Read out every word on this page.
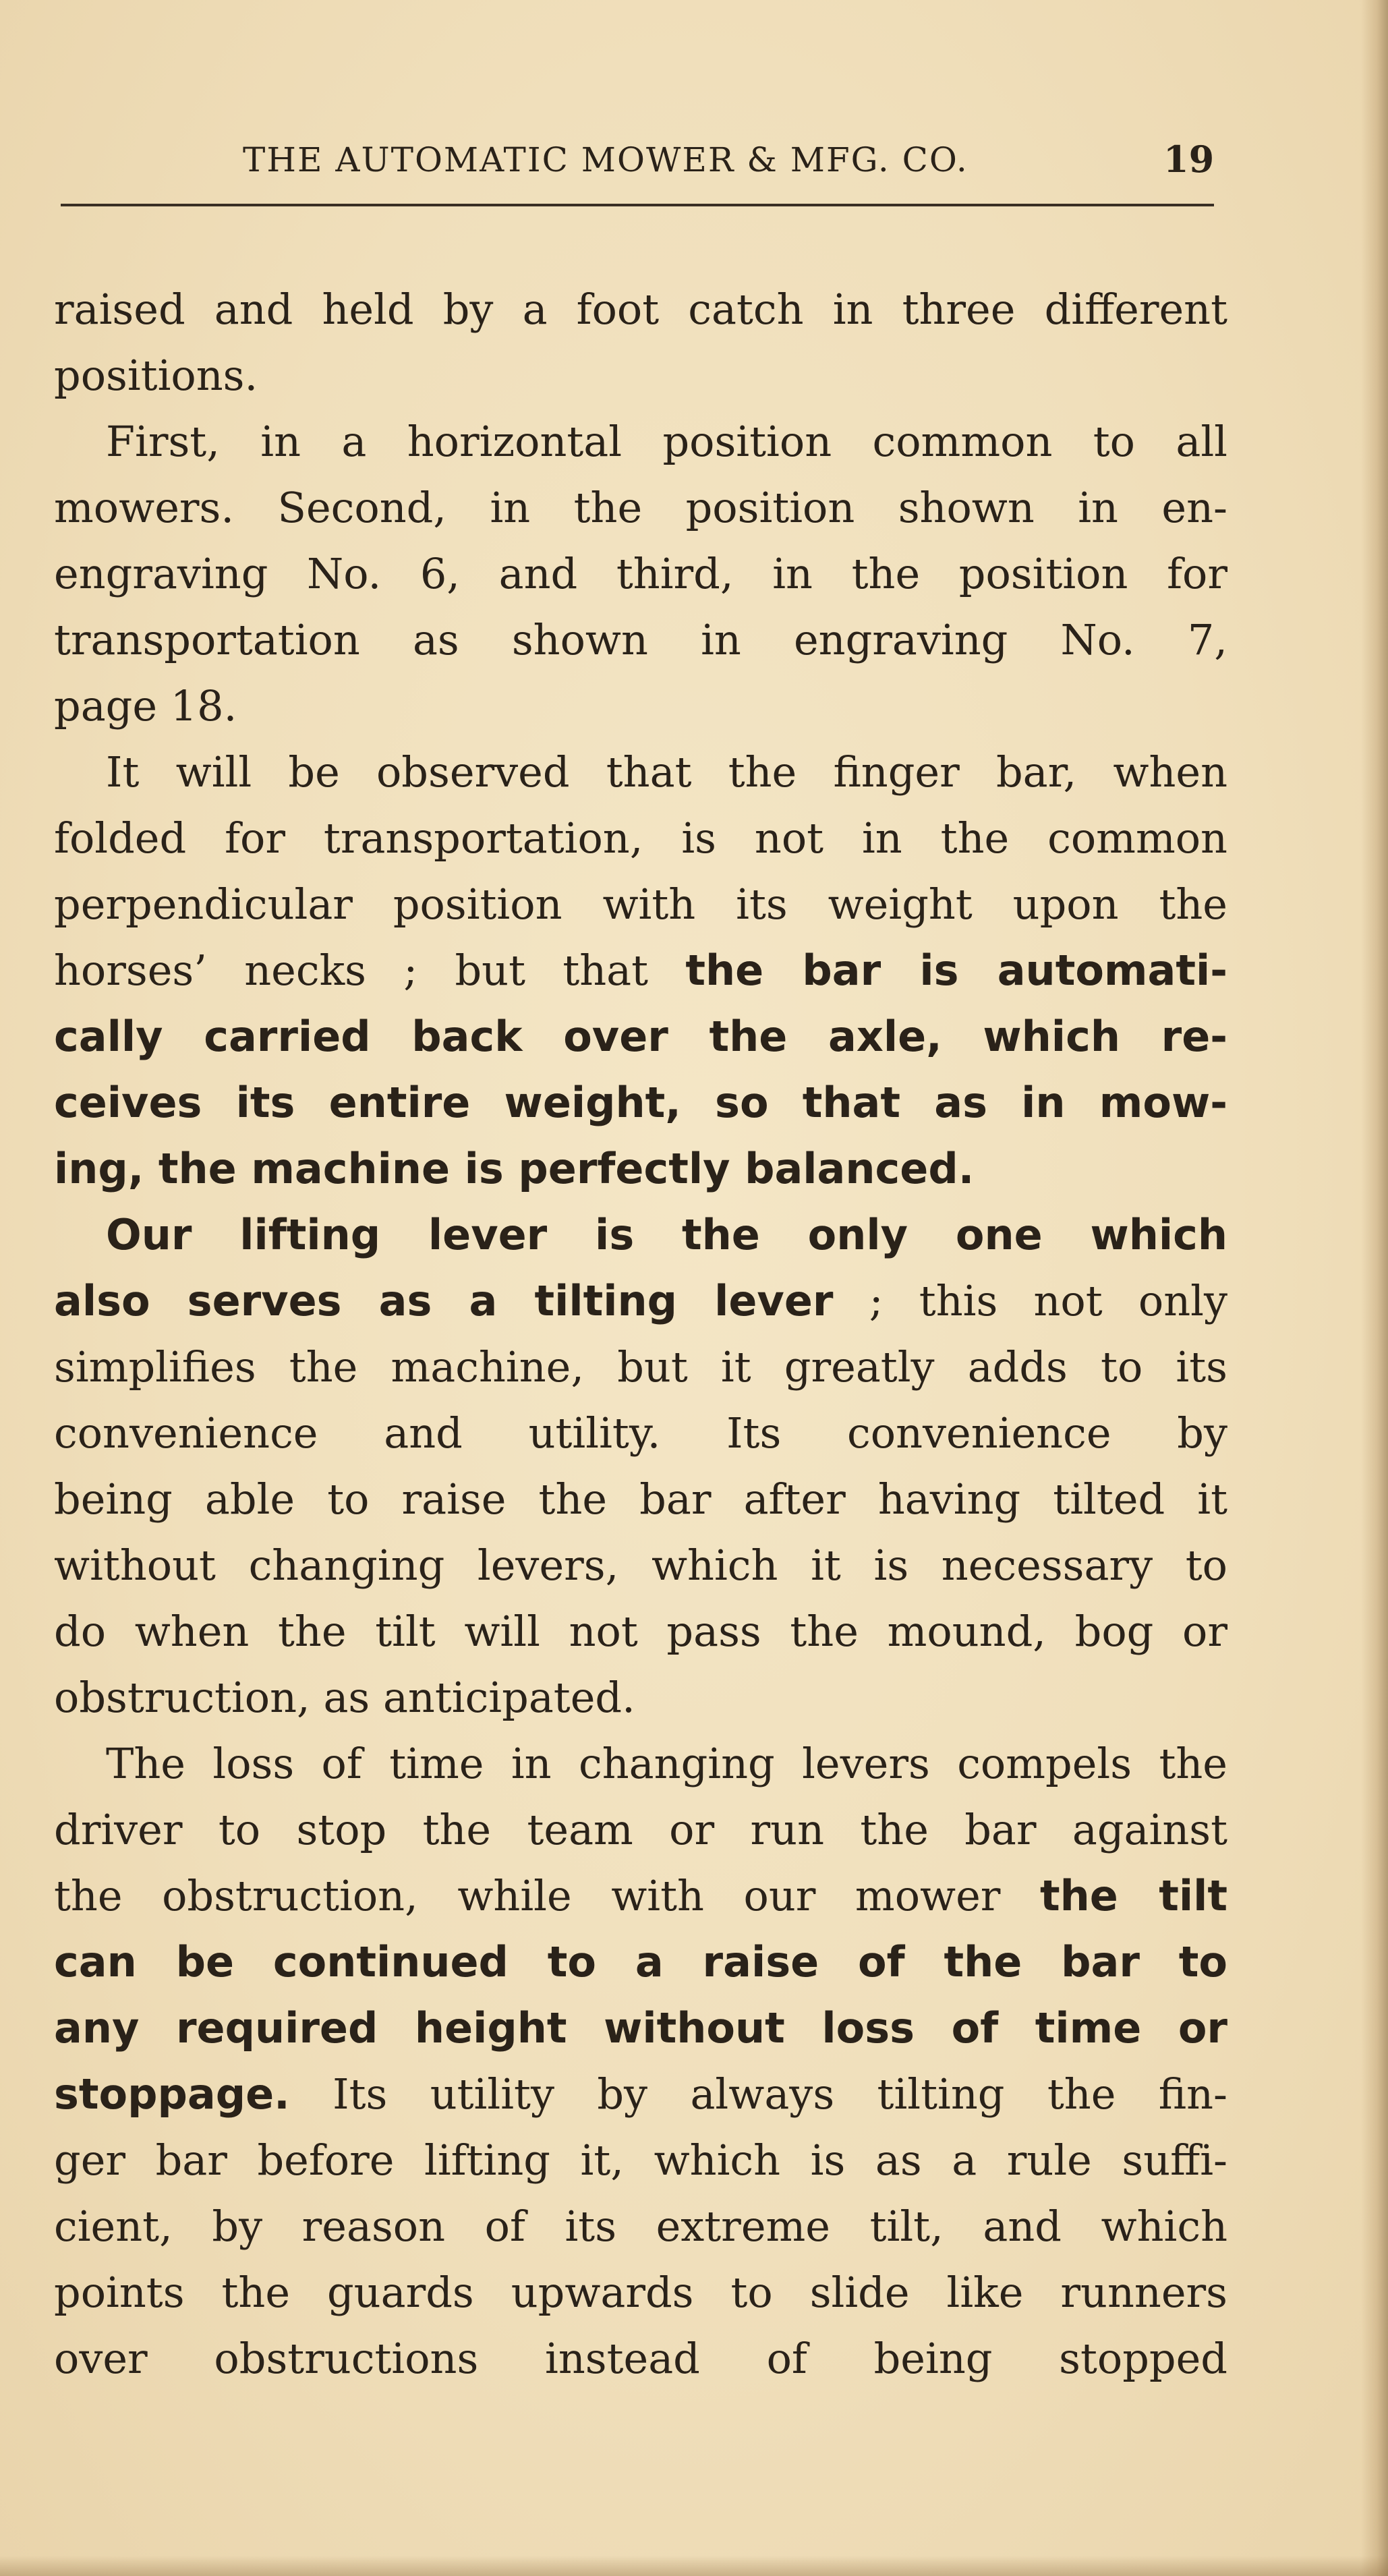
THE AUTOMATIC MOWER & MFG. CO.	19
raised and held by a foot catch in three different
positions.
First, in a horizontal position common to all
mowers. Second, in the position shown in en-
engraving No. 6, and third, in the position for
transportation as shown in engraving No. 7,
page 18.
It will be observed that the finger bar, when
folded for transportation, is not in the common
perpendicular position with its weight upon the
horses’ necks ; but that the bar is automati-
cally carried back over the axle, which re-
ceives its entire weight, so that as in mow-
ing, the machine is perfectly balanced.
Our lifting lever is the only one which
also serves as a tilting lever ; this not only
simplifies the machine, but it greatly adds to its
convenience and utility. Its convenience by
being able to raise the bar after having tilted it
without changing levers, which it is necessary to
do when the tilt will not pass the mound, bog or
obstruction, as anticipated.
The loss of time in changing levers compels the
driver to stop the team or run the bar against
the obstruction, while with our mower the tilt
can be continued to a raise of the bar to
any required height without loss of time or
stoppage. Its utility by always tilting the fin-
ger bar before lifting it, which is as a rule suffi-
cient, by reason of its extreme tilt, and which
points the guards upwards to slide like runners
over obstructions instead of being stopped
